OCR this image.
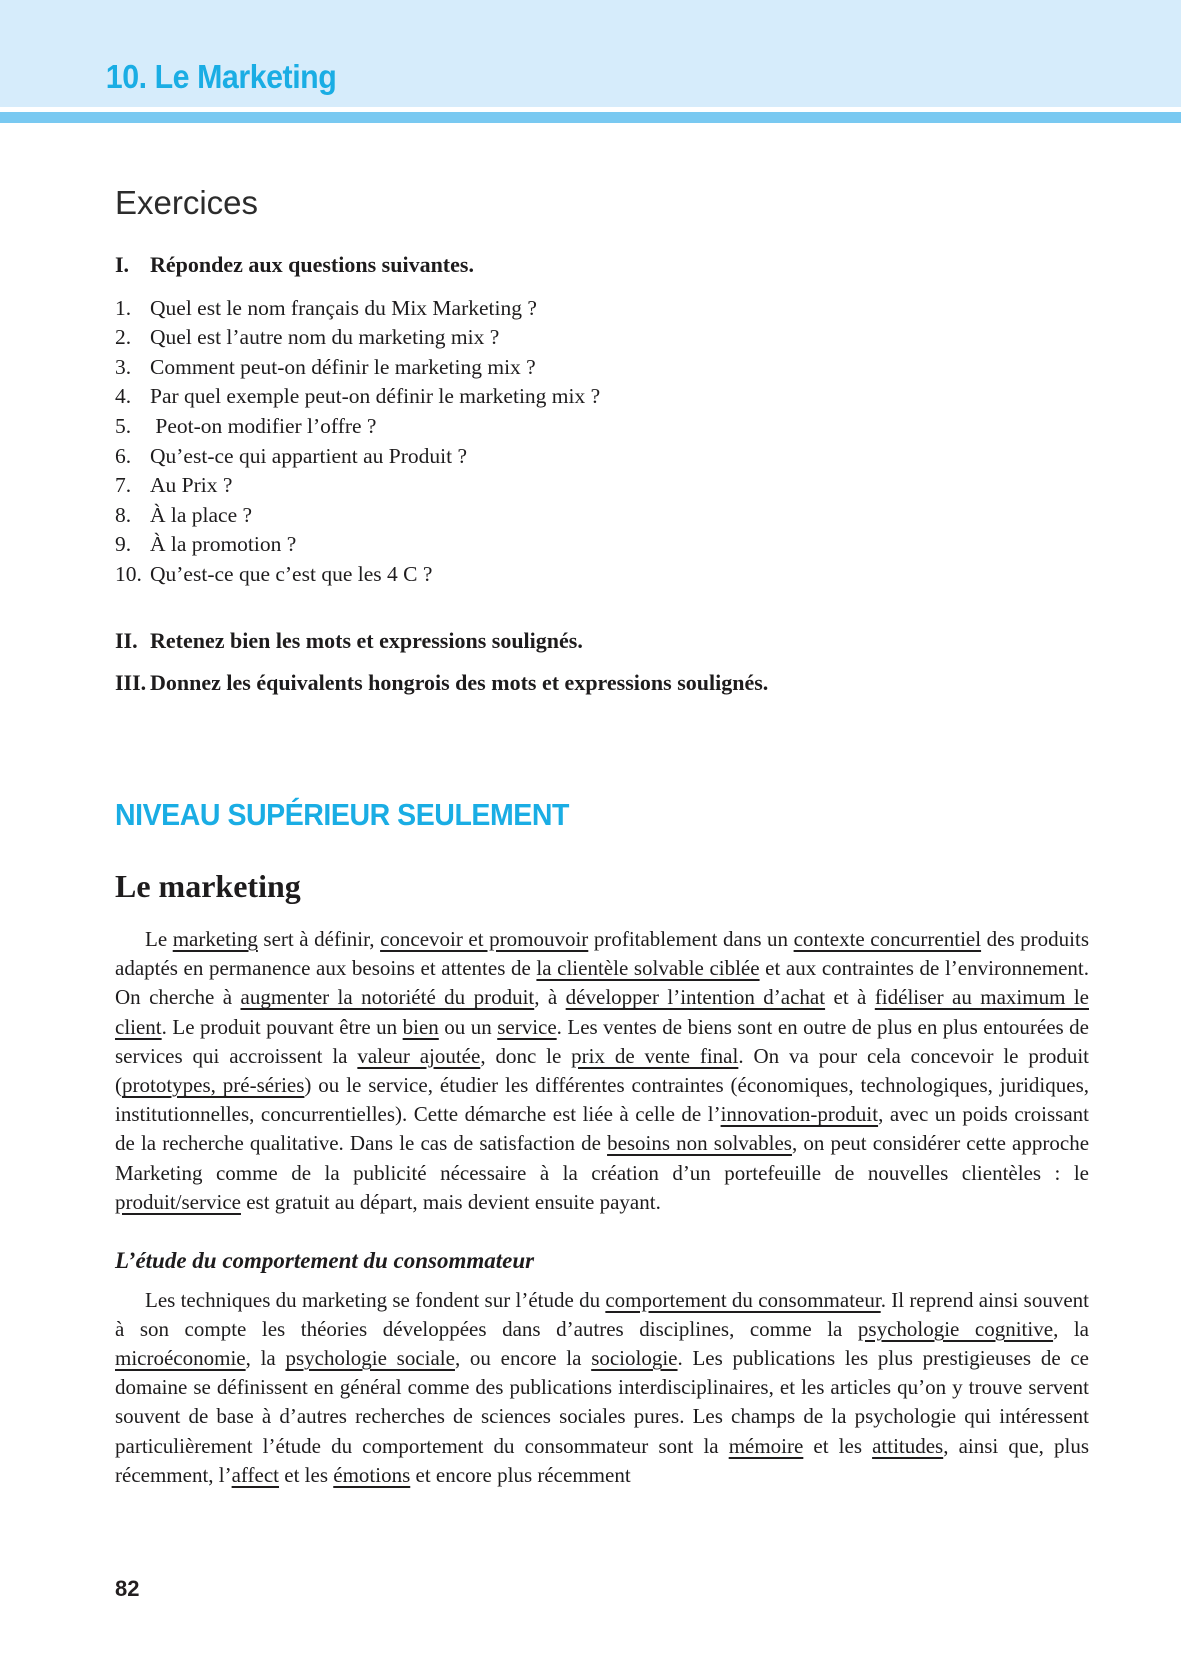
10. Le Marketing
Exercices
I. Répondez aux questions suivantes.
1. Quel est le nom français du Mix Marketing ?
2. Quel est l’autre nom du marketing mix ?
3. Comment peut-on définir le marketing mix ?
4. Par quel exemple peut-on définir le marketing mix ?
5. Peot-on modifier l’offre ?
6. Qu’est-ce qui appartient au Produit ?
7. Au Prix ?
8. À la place ?
9. À la promotion ?
10. Qu’est-ce que c’est que les 4 C ?
II. Retenez bien les mots et expressions soulignés.
III. Donnez les équivalents hongrois des mots et expressions soulignés.
NIVEAU SUPÉRIEUR SEULEMENT
Le marketing

Le marketing sert à définir, concevoir et promouvoir profitablement dans un contexte concurrentiel des produits adaptés en permanence aux besoins et attentes de la clientèle solvable ciblée et aux contraintes de l’environnement. On cherche à augmenter la notoriété du produit, à développer l’intention d’achat et à fidéliser au maximum le client. Le produit pouvant être un bien ou un service. Les ventes de biens sont en outre de plus en plus entourées de services qui accroissent la valeur ajoutée, donc le prix de vente final. On va pour cela concevoir le produit (prototypes, pré-séries) ou le service, étudier les différentes contraintes (économiques, technologiques, juridiques, institutionnelles, concurrentielles). Cette démarche est liée à celle de l’innovation-produit, avec un poids croissant de la recherche qualitative. Dans le cas de satisfaction de besoins non solvables, on peut considérer cette approche Marketing comme de la publicité nécessaire à la création d’un portefeuille de nouvelles clientèles : le produit/service est gratuit au départ, mais devient ensuite payant.

L’étude du comportement du consommateur

Les techniques du marketing se fondent sur l’étude du comportement du consommateur. Il reprend ainsi souvent à son compte les théories développées dans d’autres disciplines, comme la psychologie cognitive, la microéconomie, la psychologie sociale, ou encore la sociologie. Les publications les plus prestigieuses de ce domaine se définissent en général comme des publications interdisciplinaires, et les articles qu’on y trouve servent souvent de base à d’autres recherches de sciences sociales pures. Les champs de la psychologie qui intéressent particulièrement l’étude du comportement du consommateur sont la mémoire et les attitudes, ainsi que, plus récemment, l’affect et les émotions et encore plus récemment

82
